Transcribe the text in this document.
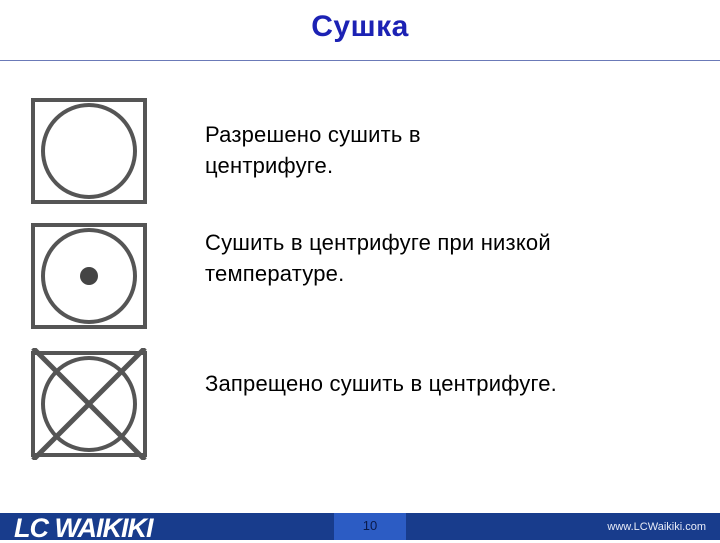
Сушка
Разрешено сушить в
центрифуге.
Сушить в центрифуге при низкой
температуре.
Запрещено сушить в центрифуге.
LC WAIKIKI	10	www.LCWaikiki.com
